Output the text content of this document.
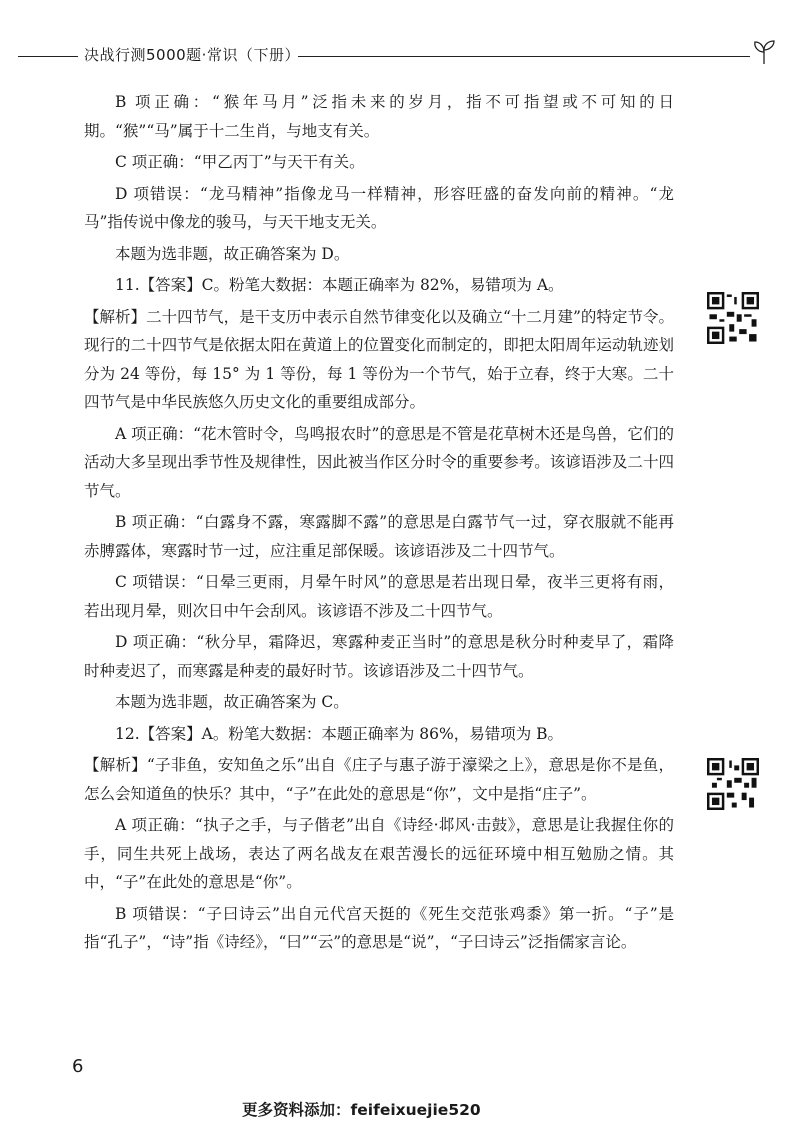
决战行测5000题·常识（下册）

B 项正确：“猴年马月”泛指未来的岁月，指不可指望或不可知的日期。“猴”“马”属于十二生肖，与地支有关。

C 项正确：“甲乙丙丁”与天干有关。

D 项错误：“龙马精神”指像龙马一样精神，形容旺盛的奋发向前的精神。“龙马”指传说中像龙的骏马，与天干地支无关。

本题为选非题，故正确答案为 D。

11.【答案】C。粉笔大数据：本题正确率为 82%，易错项为 A。

【解析】二十四节气，是干支历中表示自然节律变化以及确立“十二月建”的特定节令。现行的二十四节气是依据太阳在黄道上的位置变化而制定的，即把太阳周年运动轨迹划分为 24 等份，每 15° 为 1 等份，每 1 等份为一个节气，始于立春，终于大寒。二十四节气是中华民族悠久历史文化的重要组成部分。

A 项正确：“花木管时令，鸟鸣报农时”的意思是不管是花草树木还是鸟兽，它们的活动大多呈现出季节性及规律性，因此被当作区分时令的重要参考。该谚语涉及二十四节气。

B 项正确：“白露身不露，寒露脚不露”的意思是白露节气一过，穿衣服就不能再赤膊露体，寒露时节一过，应注重足部保暖。该谚语涉及二十四节气。

C 项错误：“日晕三更雨，月晕午时风”的意思是若出现日晕，夜半三更将有雨，若出现月晕，则次日中午会刮风。该谚语不涉及二十四节气。

D 项正确：“秋分早，霜降迟，寒露种麦正当时”的意思是秋分时种麦早了，霜降时种麦迟了，而寒露是种麦的最好时节。该谚语涉及二十四节气。

本题为选非题，故正确答案为 C。

12.【答案】A。粉笔大数据：本题正确率为 86%，易错项为 B。

【解析】“子非鱼，安知鱼之乐”出自《庄子与惠子游于濠梁之上》，意思是你不是鱼，怎么会知道鱼的快乐？其中，“子”在此处的意思是“你”，文中是指“庄子”。

A 项正确：“执子之手，与子偕老”出自《诗经·邶风·击鼓》，意思是让我握住你的手，同生共死上战场，表达了两名战友在艰苦漫长的远征环境中相互勉励之情。其中，“子”在此处的意思是“你”。

B 项错误：“子曰诗云”出自元代宫天挺的《死生交范张鸡黍》第一折。“子”是指“孔子”，“诗”指《诗经》，“曰”“云”的意思是“说”，“子曰诗云”泛指儒家言论。

6
更多资料添加：feifeixuejie520
